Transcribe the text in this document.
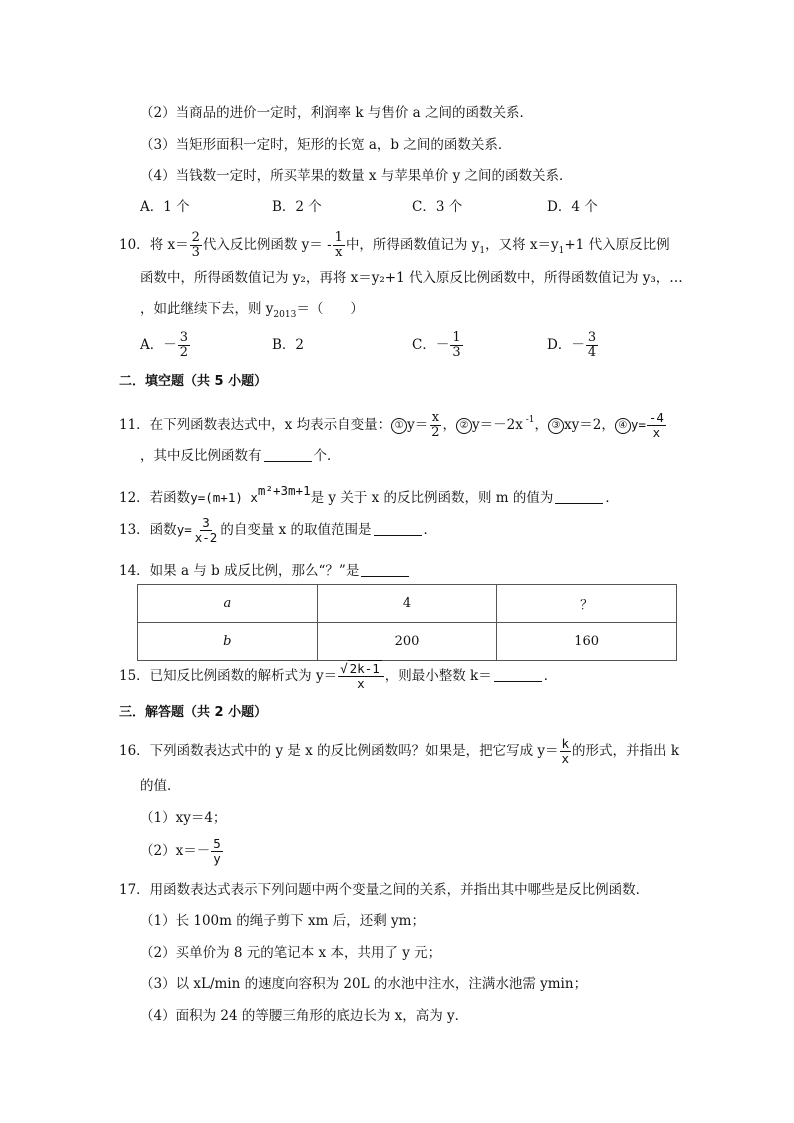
（2）当商品的进价一定时，利润率 k 与售价 a 之间的函数关系．
（3）当矩形面积一定时，矩形的长宽 a，b 之间的函数关系．
（4）当钱数一定时，所买苹果的数量 x 与苹果单价 y 之间的函数关系．
A．1 个	B．2 个	C．3 个	D．4 个
10．将 $x= \frac{2}{3}$ 代入反比例函数 $y= - \frac{1}{x}$ 中，所得函数值记为 $y_1$，又将 $x=y_1+1$ 代入原反比例
函数中，所得函数值记为 y₂，再将 x＝y₂+1 代入原反比例函数中，所得函数值记为 y₃，…
，如此继续下去，则 $y_{2013}=$（　　）
A．－ $\frac{3}{2}$	B．2	C．－ $\frac{1}{3}$	D．－ $\frac{3}{4}$
二．填空题（共 5 小题）
11．在下列函数表达式中，x 均表示自变量： ① $y= \frac{x}{2}$ ， ② y＝－2x $^{-1}$， ③ xy＝2， ④ $y= \frac{-4}{x}$
，其中反比例函数有	个．
12．若函数y=(m+1) xm²+3m+1是 y 关于 x 的反比例函数，则 m 的值为	．
13．函数$y= \frac{3}{x-2}$ 的自变量 x 的取值范围是	．
14．如果 a 与 b 成反比例，那么“？”是
a	4	？
b	200	160
15．已知反比例函数的解析式为 $y= \frac{√ 2k-1}{x}$ ，则最小整数 k＝	．
三．解答题（共 2 小题）
16．下列函数表达式中的 y 是 x 的反比例函数吗？如果是，把它写成 $y= \frac{k}{x}$ 的形式，并指出 k
的值．
（1）xy＝4；
$(2)x=- \frac{5}{y}$
17．用函数表达式表示下列问题中两个变量之间的关系，并指出其中哪些是反比例函数．
（1）长 100m 的绳子剪下 xm 后，还剩 ym；
（2）买单价为 8 元的笔记本 x 本，共用了 y 元；
（3）以 xL/min 的速度向容积为 20L 的水池中注水，注满水池需 ymin；
（4）面积为 24 的等腰三角形的底边长为 x，高为 y．
